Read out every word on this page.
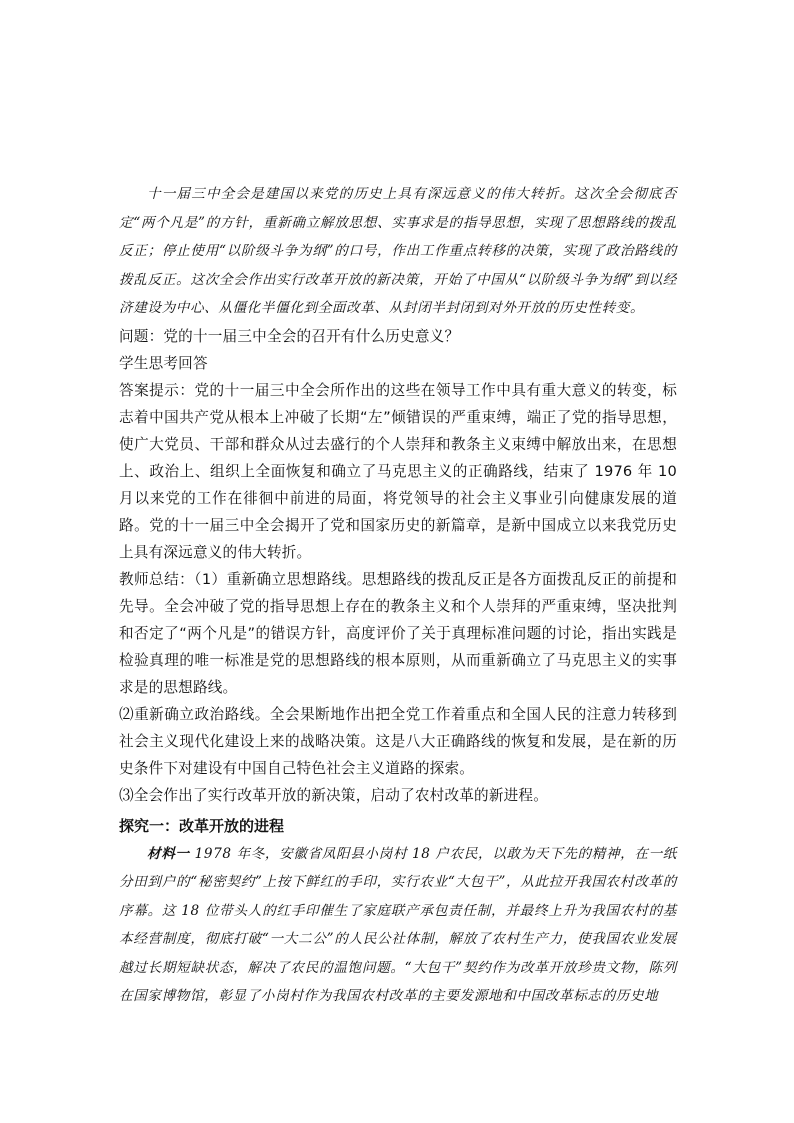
十一届三中全会是建国以来党的历史上具有深远意义的伟大转折。这次全会彻底否定“两个凡是”的方针，重新确立解放思想、实事求是的指导思想，实现了思想路线的拨乱反正；停止使用“以阶级斗争为纲”的口号，作出工作重点转移的决策，实现了政治路线的拨乱反正。这次全会作出实行改革开放的新决策，开始了中国从“以阶级斗争为纲”到以经济建设为中心、从僵化半僵化到全面改革、从封闭半封闭到对外开放的历史性转变。

问题：党的十一届三中全会的召开有什么历史意义？

学生思考回答

答案提示：党的十一届三中全会所作出的这些在领导工作中具有重大意义的转变，标志着中国共产党从根本上冲破了长期“左”倾错误的严重束缚，端正了党的指导思想，使广大党员、干部和群众从过去盛行的个人崇拜和教条主义束缚中解放出来，在思想上、政治上、组织上全面恢复和确立了马克思主义的正确路线，结束了 1976 年 10 月以来党的工作在徘徊中前进的局面，将党领导的社会主义事业引向健康发展的道路。党的十一届三中全会揭开了党和国家历史的新篇章，是新中国成立以来我党历史上具有深远意义的伟大转折。

教师总结：（1）重新确立思想路线。思想路线的拨乱反正是各方面拨乱反正的前提和先导。全会冲破了党的指导思想上存在的教条主义和个人崇拜的严重束缚，坚决批判和否定了“两个凡是”的错误方针，高度评价了关于真理标准问题的讨论，指出实践是检验真理的唯一标准是党的思想路线的根本原则，从而重新确立了马克思主义的实事求是的思想路线。

⑵重新确立政治路线。全会果断地作出把全党工作着重点和全国人民的注意力转移到社会主义现代化建设上来的战略决策。这是八大正确路线的恢复和发展，是在新的历史条件下对建设有中国自己特色社会主义道路的探索。

⑶全会作出了实行改革开放的新决策，启动了农村改革的新进程。

探究一：改革开放的进程

材料一 1978 年冬，安徽省凤阳县小岗村 18 户农民，以敢为天下先的精神，在一纸分田到户的“秘密契约”上按下鲜红的手印，实行农业“大包干”，从此拉开我国农村改革的序幕。这 18 位带头人的红手印催生了家庭联产承包责任制，并最终上升为我国农村的基本经营制度，彻底打破“一大二公”的人民公社体制，解放了农村生产力，使我国农业发展越过长期短缺状态，解决了农民的温饱问题。“大包干”契约作为改革开放珍贵文物，陈列在国家博物馆，彰显了小岗村作为我国农村改革的主要发源地和中国改革标志的历史地
